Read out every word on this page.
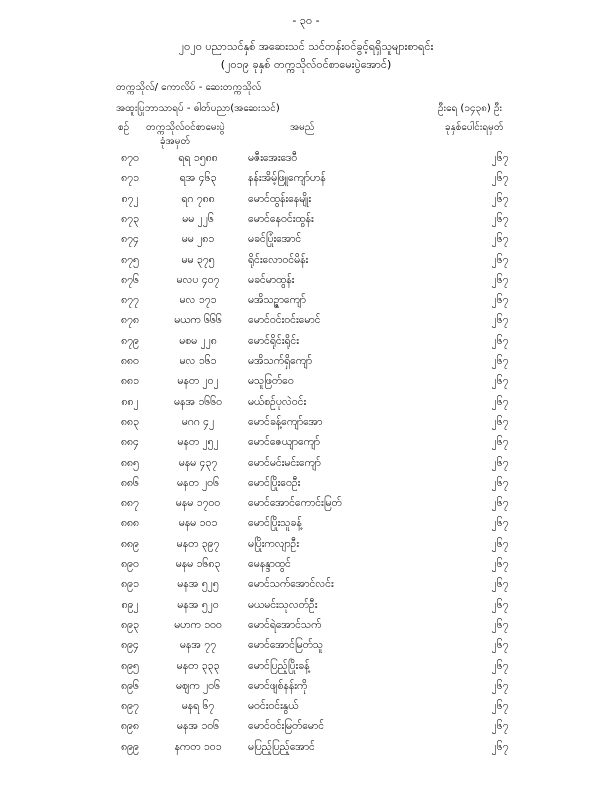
- ၃၀ -
၂၀၂၀ ပညာသင်နှစ် အဆေးသင် သင်တန်းဝင်ခွင့်ရရှိသူများစာရင်း
(၂၀၁၉ ခုနှစ် တက္ကသိုလ်ဝင်စာမေးပွဲအောင်)
တက္ကသိုလ်/ ကောလိပ် - ဆေးတက္ကသိုလ်
အထူးပြုဘာသာရပ် - ဓါတ်ပညာ(အဆေးသင်)	ဦးရေ (၁၄၃၈) ဦး
စဉ် တက္ကသိုလ်ဝင်စာမေးပွဲ
ခုံအမှတ်
အမည်	ခုနှစ်ပေါင်းရမှတ်
၈၇၀	ရရ ၁၅၈၈	မဇီးအေးဒေဝီ	၂၆၇
၈၇၁	ရအ ၄၆၃	နန်းအိမ့်ဖြူကျော်ဟန်	၂၆၇
၈၇၂	ရဂ ၇၈၈	မောင်ထွန်းနေမျိုး	၂၆၇
၈၇၃	မမ ၂၂၆	မောင်နေဝင်းထွန်း	၂၆၇
၈၇၄	မမ ၂၈၁	မခင်ပြုံးအောင်	၂၆၇
၈၇၅	မမ ၃၇၅	ရိုင်းလောဝင်မိန်း	၂၆၇
၈၇၆	မလပ ၄၀၇	မခင်မာထွန်း	၂၆၇
၈၇၇	မလ ၁၇၁	မအိသဉ္ဇာကျော်	၂၆၇
၈၇၈	မယက ၆၆၆	မောင်ဝင်းဝင်းမောင်	၂၆၇
၈၇၉	မစမ ၂၂၈	မောင်ရိုင်းရိုင်း	၂၆၇
၈၈၀	မလ ၁၆၁	မအိသက်ရှိကျော်	၂၆၇
၈၈၁	မနတ ၂၀၂	မသူဖြတ်ဝေ	၂၆၇
၈၈၂	မနအ ၁၆၆၀	မယ်စဥ်ပုလဲဝင်း	၂၆၇
၈၈၃	မဂဂ ၄၂	မောင်ခန့်ကျော်အော	၂၆၇
၈၈၄	မနတ ၂၅၂	မောင်ဇေယျာကျော်	၂၆၇
၈၈၅	မနမ ၄၃၇	မောင်မင်းမင်းကျော်	၂၆၇
၈၈၆	မနတ ၂၀၆	မောင်ပြိုးဝေဦး	၂၆၇
၈၈၇	မနမ ၁၇၀၀	မောင်အောင်ကောင်းမြတ်	၂၆၇
၈၈၈	မနမ ၁၀၁	မောင်ပြိုးသူခန့်	၂၆၇
၈၈၉	မနတ ၃၉၇	မပြိုးကလျာဦး	၂၆၇
၈၉၀	မနမ ၁၆၈၃	မေနန္ဒာထွင်	၂၆၇
၈၉၁	မနအ ၅၂၅	မောင်သက်အောင်လင်း	၂၆၇
၈၉၂	မနအ ၅၂၀	မယမင်းသုလတ်ဦး	၂၆၇
၈၉၃	မဟက ၁၀၀	မောင်ရဲအောင်သက်	၂၆၇
၈၉၄	မနအ ၇၇	မောင်အောင်မြတ်သူ	၂၆၇
၈၉၅	မနတ ၃၃၃	မောင်ပြည့်ပြိုးခန့်	၂၆၇
၈၉၆	မဈက ၂၀၆	မောင်ဖျစ်နန်းကို	၂၆၇
၈၉၇	မနရ ၆၇	မဝင်းဝင်းနွယ်	၂၆၇
၈၉၈	မနအ ၁၀၆	မောင်ဝင်းမြတ်မောင်	၂၆၇
၈၉၉	နကတ ၁၀၁	မပြည့်ပြည့်အောင်	၂၆၇
